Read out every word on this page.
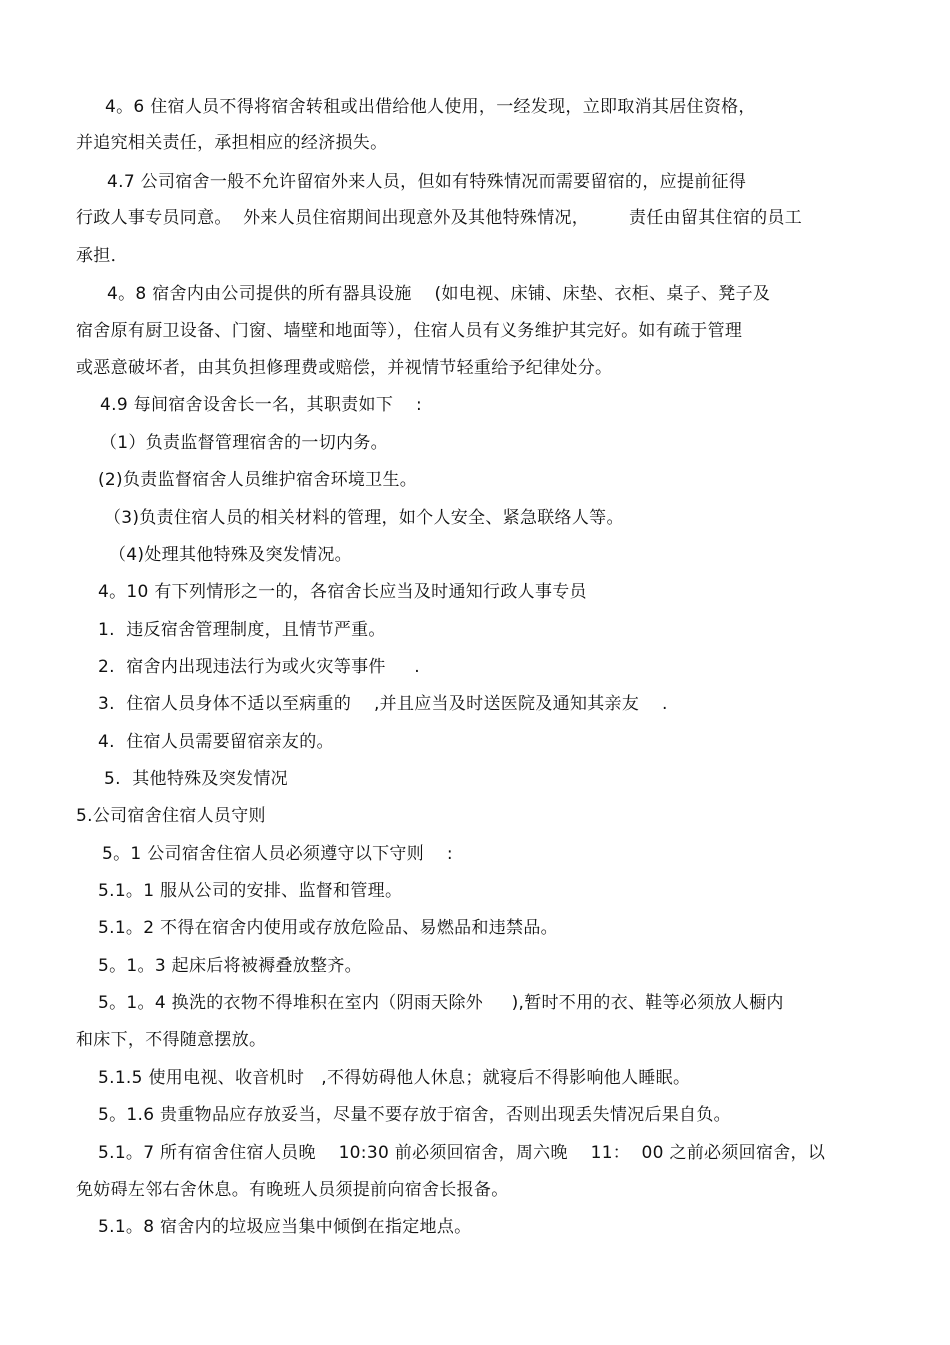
4。6 住宿人员不得将宿舍转租或出借给他人使用，一经发现，立即取消其居住资格，
并追究相关责任，承担相应的经济损失。
4.7 公司宿舍一般不允许留宿外来人员，但如有特殊情况而需要留宿的，应提前征得
行政人事专员同意。  外来人员住宿期间出现意外及其他特殊情况，       责任由留其住宿的员工
承担．
4。8 宿舍内由公司提供的所有器具设施    (如电视、床铺、床垫、衣柜、桌子、凳子及
宿舍原有厨卫设备、门窗、墙壁和地面等），住宿人员有义务维护其完好。如有疏于管理
或恶意破坏者，由其负担修理费或赔偿，并视情节轻重给予纪律处分。
4.9 每间宿舍设舍长一名，其职责如下    :
（1）负责监督管理宿舍的一切内务。
(2)负责监督宿舍人员维护宿舍环境卫生。
（3)负责住宿人员的相关材料的管理，如个人安全、紧急联络人等。
（4)处理其他特殊及突发情况。
4。10 有下列情形之一的，各宿舍长应当及时通知行政人事专员
1.  违反宿舍管理制度，且情节严重。
2.  宿舍内出现违法行为或火灾等事件     .
3.  住宿人员身体不适以至病重的    ,并且应当及时送医院及通知其亲友    .
4.  住宿人员需要留宿亲友的。
5.  其他特殊及突发情况
5.公司宿舍住宿人员守则
5。1 公司宿舍住宿人员必须遵守以下守则    :
5.1。1 服从公司的安排、监督和管理。
5.1。2 不得在宿舍内使用或存放危险品、易燃品和违禁品。
5。1。3 起床后将被褥叠放整齐。
5。1。4 换洗的衣物不得堆积在室内（阴雨天除外     ),暂时不用的衣、鞋等必须放人橱内
和床下，不得随意摆放。
5.1.5 使用电视、收音机时   ,不得妨碍他人休息；就寝后不得影响他人睡眠。
5。1.6 贵重物品应存放妥当，尽量不要存放于宿舍，否则出现丢失情况后果自负。
5.1。7 所有宿舍住宿人员晚    10:30 前必须回宿舍，周六晚    11：  00 之前必须回宿舍，以
免妨碍左邻右舍休息。有晚班人员须提前向宿舍长报备。
5.1。8 宿舍内的垃圾应当集中倾倒在指定地点。
